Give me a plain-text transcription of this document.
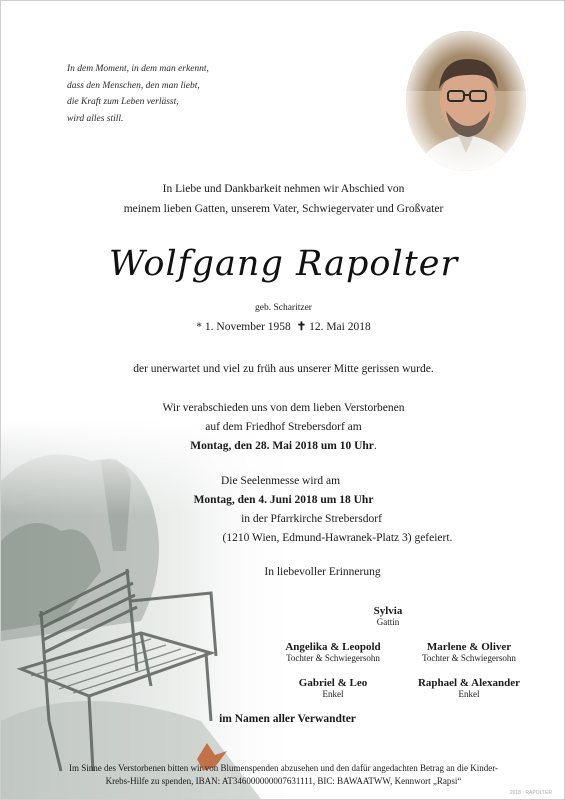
In dem Moment, in dem man erkennt,
dass den Menschen, den man liebt,
die Kraft zum Leben verlässt,
wird alles still.
In Liebe und Dankbarkeit nehmen wir Abschied von
meinem lieben Gatten, unserem Vater, Schwiegervater und Großvater
Wolfgang Rapolter
geb. Scharitzer
* 1. November 1958 ✝ 12. Mai 2018
der unerwartet und viel zu früh aus unserer Mitte gerissen wurde.
Wir verabschieden uns von dem lieben Verstorbenen
auf dem Friedhof Strebersdorf am
Montag, den 28. Mai 2018 um 10 Uhr.
Die Seelenmesse wird am
Montag, den 4. Juni 2018 um 18 Uhr
in der Pfarrkirche Strebersdorf
(1210 Wien, Edmund-Hawranek-Platz 3) gefeiert.
In liebevoller Erinnerung
Sylvia
Gattin
Angelika & Leopold
Tochter & Schwiegersohn
Marlene & Oliver
Tochter & Schwiegersohn
Gabriel & Leo
Enkel
Raphael & Alexander
Enkel
im Namen aller Verwandter
Im Sinne des Verstorbenen bitten wir von Blumenspenden abzusehen und den dafür angedachten Betrag an die Kinder-
Krebs-Hilfe zu spenden, IBAN: AT346000000007631111, BIC: BAWAATWW, Kennwort „Rapsi“
2018 · RAPOLTER
